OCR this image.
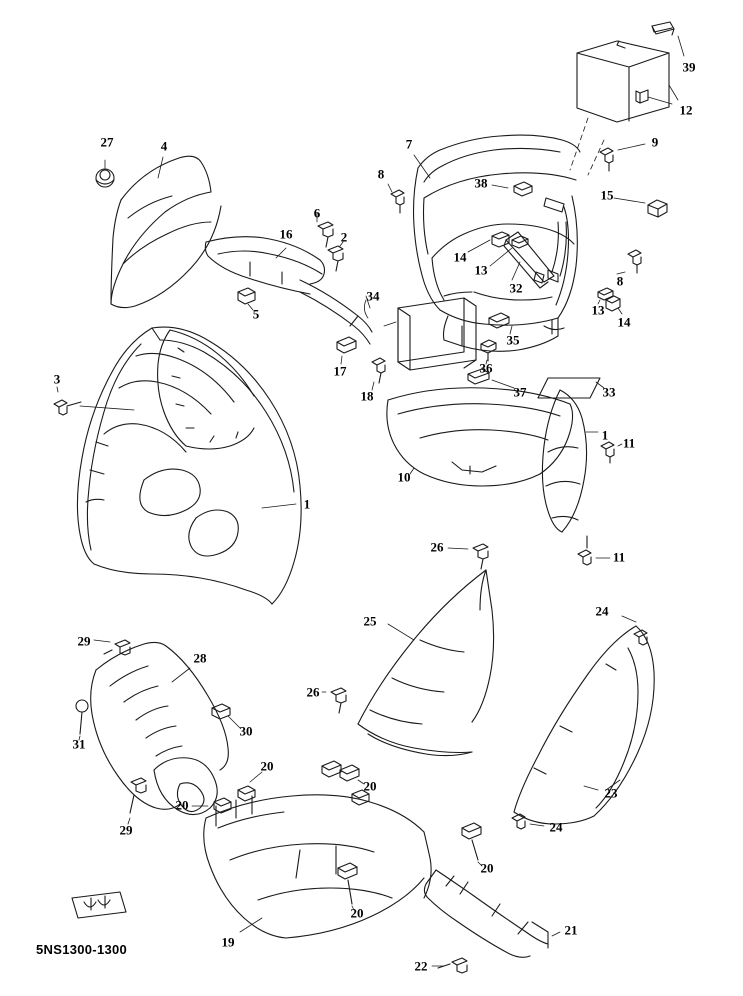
39
12
9
15
27	4	7
8
38
6
16	2
14
13
32	8
13
14
5
34
35
36
17
18	37	33
3
1
11
10
1
11
26
25
24
29
28
26
30
31
23
20
20
20
29	24
20
20
19
21
22
5NS1300-1300
